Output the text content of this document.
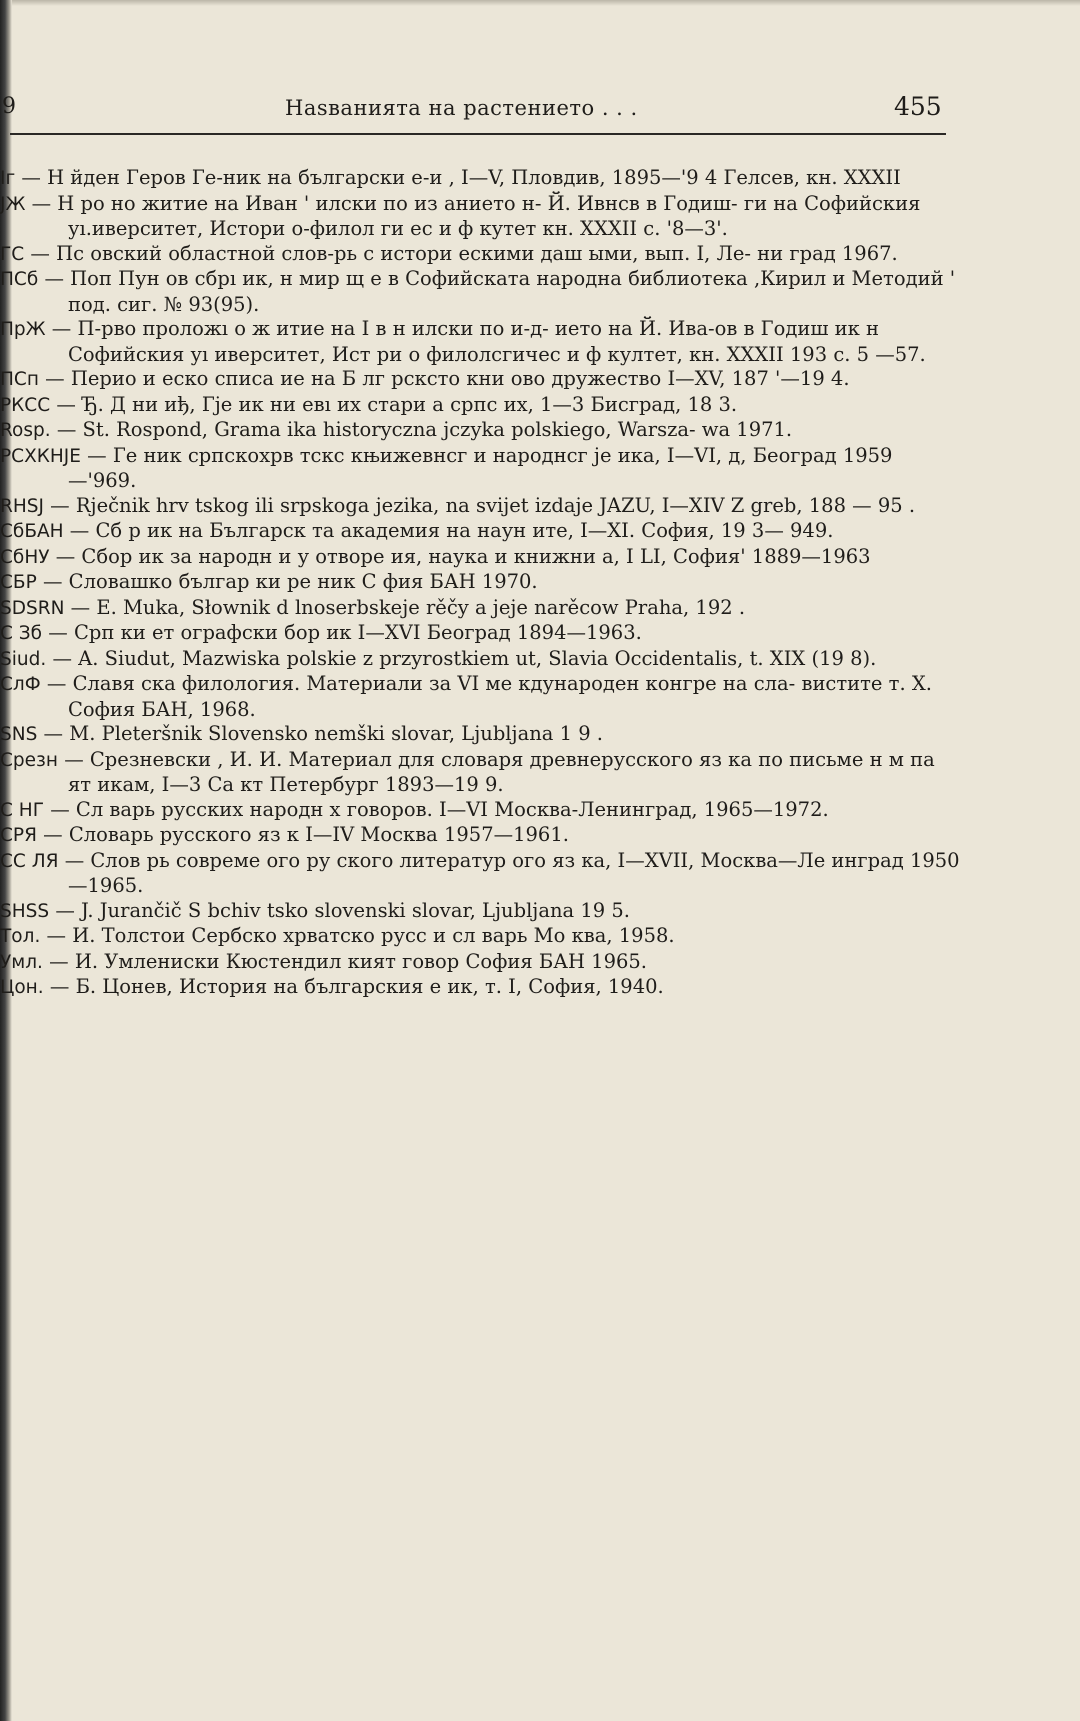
9	Наѕванията на растението . . .	455
Іг — Н йден Геров Ге‑ник на български е‑и , I—V, Пловдив, 1895—'9 4 Гелсев, кн. XXXII
ЈЖ — Н ро но житие на Иван ' илски по из анието н‑ Й. Ивнсв в Годиш‑ ги на Софийския уı.иверситет, Истори о‑филол ги ес и ф кутет кн. XXXII с. '8—3'.
ГС — Пс овский областной слов‑рь с истори ескими даш ыми, вып. I, Ле‑ ни град 1967.
ПСб — Поп Пун ов сбрı ик, н мир щ е в Софийската народна библиотека ,Кирил и Методий ' под. сиг. № 93(95).
ПрЖ — П‑рво проложı о ж итие на I в н илски по и‑д‑ ието на Й. Ива‑ов в Годиш ик н Софийския уı иверситет, Ист ри о филолсгичес и ф култет, кн. XXXII 193 с. 5 —57.
ПСп — Перио и еско списа ие на Б лг рскстo кни ово дружество I—XV, 187 '—19 4.
РКСС — Ђ. Д ни иђ, Гје ик ни евı их стари а српс их, 1—3 Бисград, 18 3.
Rosp. — St. Rospond, Grama ika historyczna jczyka polskiego, Warsza‑ wa 1971.
РСХКНЈЕ — Ге ник српскохрв тскс књижевнсг и народнсг је ика, I—VI, д, Београд 1959—'969.
RHSJ — Rječnik hrv tskog ili srpskoga jezika, na svijet izdaje JAZU, I—XIV Z greb, 188 — 95 .
СбБАН — Сб р ик на Българск та академия на наун ите, I—XI. София, 19 3— 949.
СбНУ — Сбор ик за народн и у отворе ия, наука и книжни а, I LI, София' 1889—1963
СБР — Словашко българ ки ре ник С фия БАН 1970.
SDSRN — E. Muka, Słownik d lnoserbskeje rěčy a jeje narěcow Praha, 192 .
С Зб — Срп ки ет ографски бор ик I—XVI Београд 1894—1963.
Siud. — A. Siudut, Mazwiska polskie z przyrostkiem ut, Slavia Occidentalis, t. XIX (19 8).
СлФ — Славя ска филология. Материали за VI ме кдународен конгре на сла‑ вистите т. X. София БАН, 1968.
SNS — M. Pleteršnik Slovensko nemški slovar, Ljubljana 1 9 .
Срезн — Срезневски , И. И. Материал для словаря древнерусского яз ка по письме н м па ят икам, I—3 Са кт Петербург 1893—19 9.
С НГ — Сл варь русских народн х говоров. I—VI Москва‑Ленинград, 1965—1972.
СРЯ — Словарь русского яз к I—IV Москва 1957—1961.
СС ЛЯ — Слов рь совреме ого ру ского литератур ого яз ка, I—XVII, Москва—Ле инград 1950—1965.
SHSS — J. Jurančič S bchiv tsko slovenski slovar, Ljubljana 19 5.
Тол. — И. Толстои Сербско хрватско русс и сл варь Мо ква, 1958.
Умл. — И. Умлениски Кюстендил кият говор София БАН 1965.
Цон. — Б. Цонев, История на българския е ик, т. I, София, 1940.
